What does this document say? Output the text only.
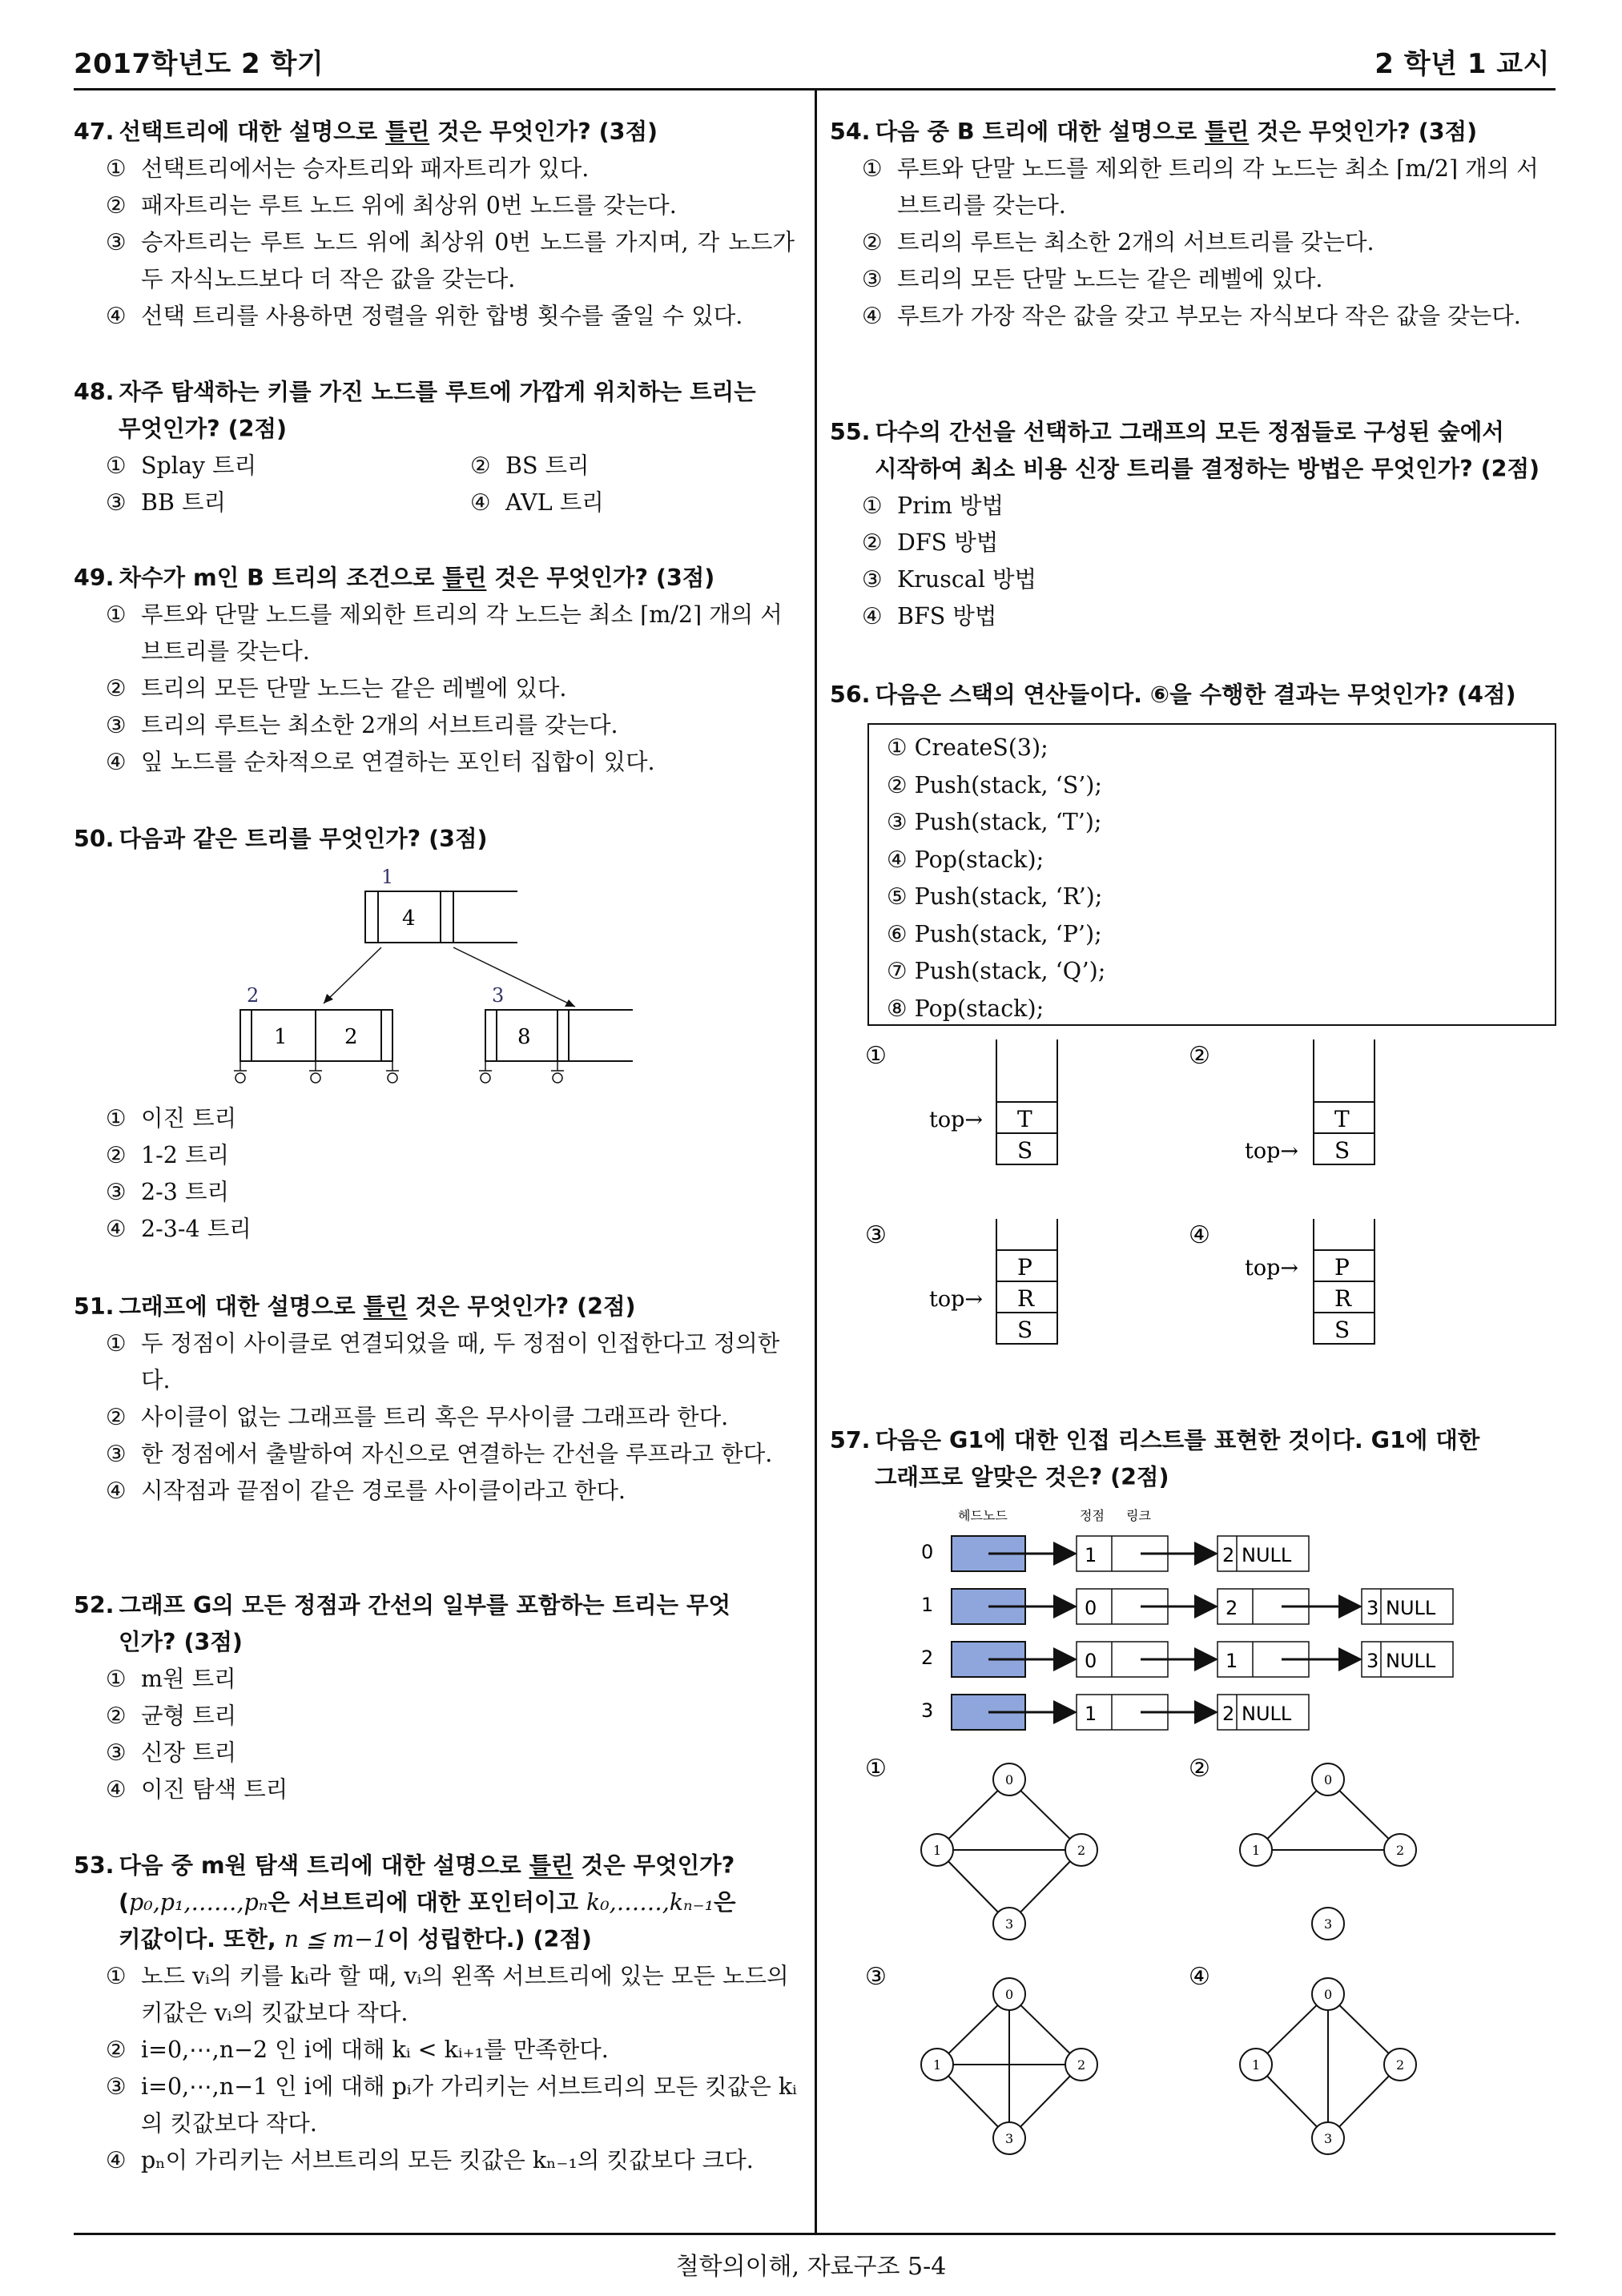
2017학년도 2 학기	2 학년 1 교시
47. 선택트리에 대한 설명으로 틀린 것은 무엇인가? (3점)
① 선택트리에서는 승자트리와 패자트리가 있다.
② 패자트리는 루트 노드 위에 최상위 0번 노드를 갖는다.
③ 승자트리는 루트 노드 위에 최상위 0번 노드를 가지며, 각 노드가 두 자식노드보다 더 작은 값을 갖는다.
④ 선택 트리를 사용하면 정렬을 위한 합병 횟수를 줄일 수 있다.
48. 자주 탐색하는 키를 가진 노드를 루트에 가깝게 위치하는 트리는
무엇인가? (2점)
① Splay 트리	② BS 트리
③ BB 트리	④ AVL 트리
49. 차수가 m인 B 트리의 조건으로 틀린 것은 무엇인가? (3점)
① 루트와 단말 노드를 제외한 트리의 각 노드는 최소 ⌈m/2⌉ 개의 서브트리를 갖는다.
② 트리의 모든 단말 노드는 같은 레벨에 있다.
③ 트리의 루트는 최소한 2개의 서브트리를 갖는다.
④ 잎 노드를 순차적으로 연결하는 포인터 집합이 있다.
50. 다음과 같은 트리를 무엇인가? (3점)
1
4
2
1	2
3
8
① 이진 트리
② 1-2 트리
③ 2-3 트리
④ 2-3-4 트리
51. 그래프에 대한 설명으로 틀린 것은 무엇인가? (2점)
① 두 정점이 사이클로 연결되었을 때, 두 정점이 인접한다고 정의한다.
② 사이클이 없는 그래프를 트리 혹은 무사이클 그래프라 한다.
③ 한 정점에서 출발하여 자신으로 연결하는 간선을 루프라고 한다.
④ 시작점과 끝점이 같은 경로를 사이클이라고 한다.
52. 그래프 G의 모든 정점과 간선의 일부를 포함하는 트리는 무엇
인가? (3점)
① m원 트리
② 균형 트리
③ 신장 트리
④ 이진 탐색 트리
53. 다음 중 m원 탐색 트리에 대한 설명으로 틀린 것은 무엇인가?
(p₀,p₁,……,pₙ은 서브트리에 대한 포인터이고 k₀,……,kₙ₋₁은
키값이다. 또한, n ≦ m−1이 성립한다.) (2점)
① 노드 vᵢ의 키를 kᵢ라 할 때, vᵢ의 왼쪽 서브트리에 있는 모든 노드의 키값은 vᵢ의 킷값보다 작다.
② i=0,⋯,n−2 인 i에 대해 kᵢ < kᵢ₊₁를 만족한다.
③ i=0,⋯,n−1 인 i에 대해 pᵢ가 가리키는 서브트리의 모든 킷값은 kᵢ의 킷값보다 작다.
④ pₙ이 가리키는 서브트리의 모든 킷값은 kₙ₋₁의 킷값보다 크다.
54. 다음 중 B 트리에 대한 설명으로 틀린 것은 무엇인가? (3점)
① 루트와 단말 노드를 제외한 트리의 각 노드는 최소 ⌈m/2⌉ 개의 서브트리를 갖는다.
② 트리의 루트는 최소한 2개의 서브트리를 갖는다.
③ 트리의 모든 단말 노드는 같은 레벨에 있다.
④ 루트가 가장 작은 값을 갖고 부모는 자식보다 작은 값을 갖는다.
55. 다수의 간선을 선택하고 그래프의 모든 정점들로 구성된 숲에서
시작하여 최소 비용 신장 트리를 결정하는 방법은 무엇인가? (2점)
① Prim 방법
② DFS 방법
③ Kruscal 방법
④ BFS 방법
56. 다음은 스택의 연산들이다. ⑥을 수행한 결과는 무엇인가? (4점)
① CreateS(3);
② Push(stack, ‘S’);
③ Push(stack, ‘T’);
④ Pop(stack);
⑤ Push(stack, ‘R’);
⑥ Push(stack, ‘P’);
⑦ Push(stack, ‘Q’);
⑧ Pop(stack);
①
T
S
top→
②
T
S
top→
③
P
R
S
top→
④
P
R
S
top→
57. 다음은 G1에 대한 인접 리스트를 표현한 것이다. G1에 대한
그래프로 알맞은 것은? (2점)
헤드노드	정점 링크
0	1	2 NULL
1	0	2	3 NULL
2	0	1	3 NULL
3	1	2 NULL
①	0
1	2
3
②	0
1	2
3
③
0
1	2
3
④
0
1	2
3
철학의이해, 자료구조 5-4
